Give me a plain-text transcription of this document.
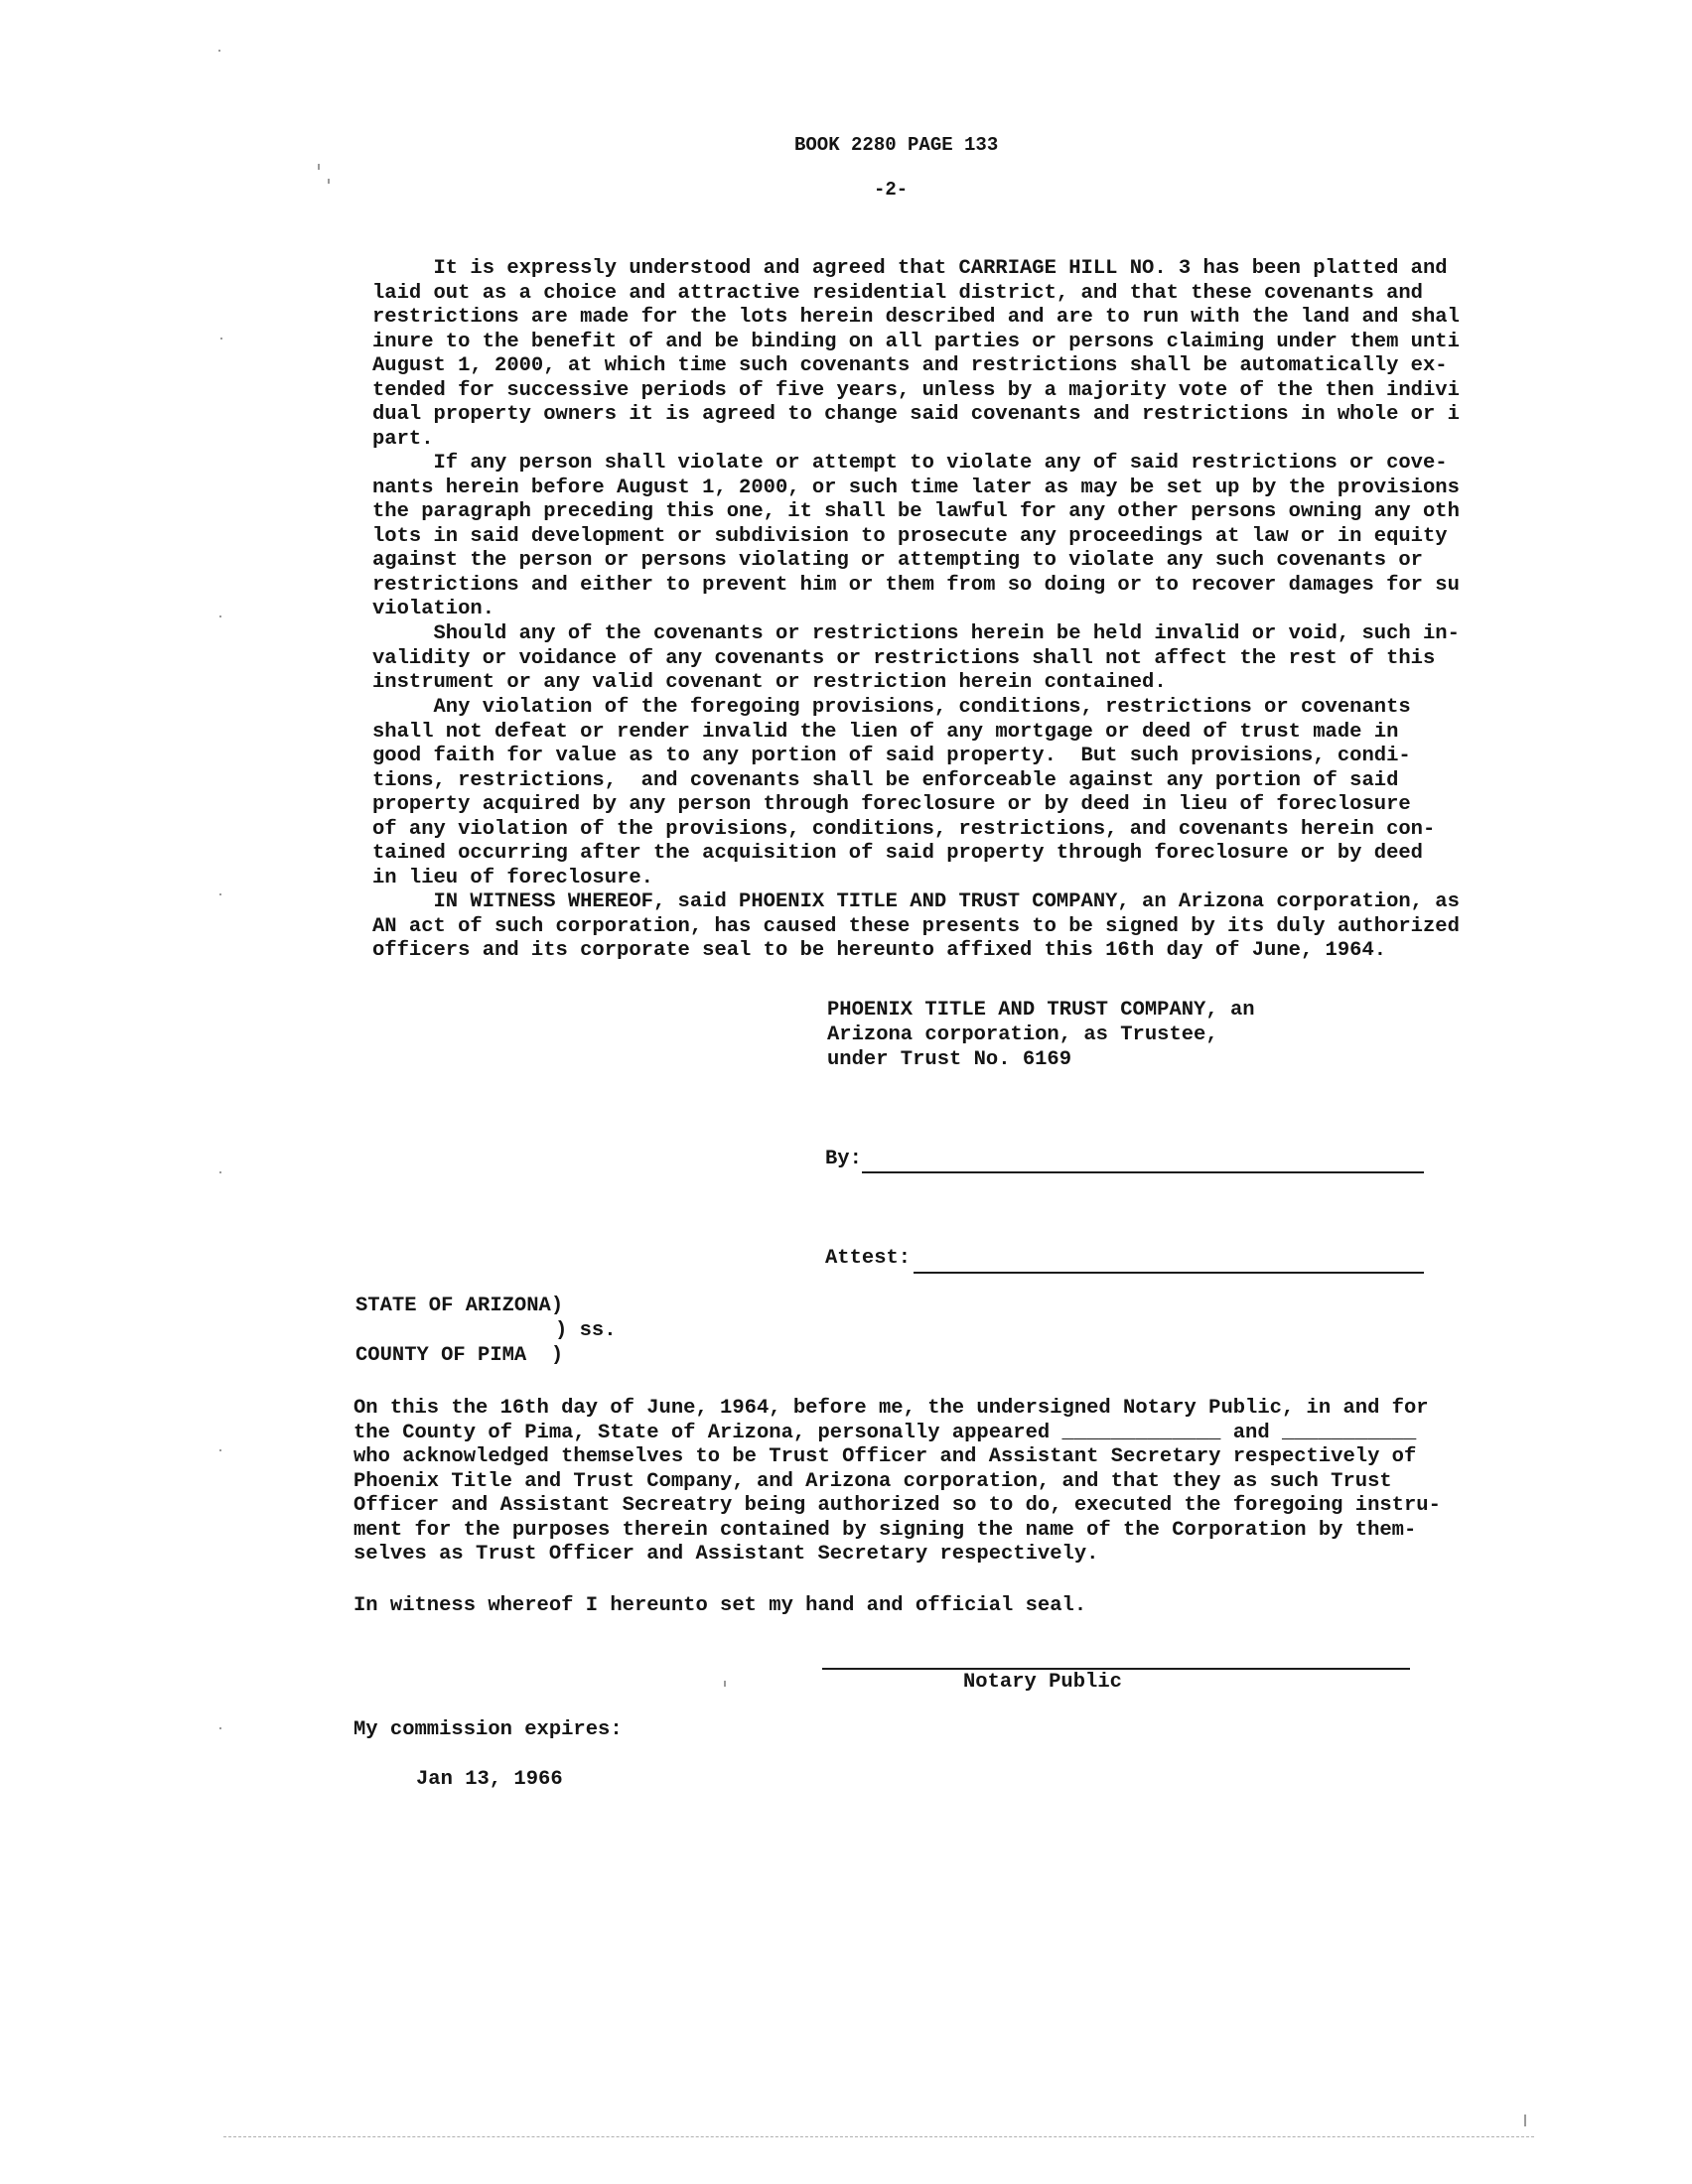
BOOK 2280 PAGE 133
-2-
It is expressly understood and agreed that CARRIAGE HILL NO. 3 has been platted and
laid out as a choice and attractive residential district, and that these covenants and
restrictions are made for the lots herein described and are to run with the land and shal
inure to the benefit of and be binding on all parties or persons claiming under them unti
August 1, 2000, at which time such covenants and restrictions shall be automatically ex-
tended for successive periods of five years, unless by a majority vote of the then indivi
dual property owners it is agreed to change said covenants and restrictions in whole or i
part.
If any person shall violate or attempt to violate any of said restrictions or cove-
nants herein before August 1, 2000, or such time later as may be set up by the provisions
the paragraph preceding this one, it shall be lawful for any other persons owning any oth
lots in said development or subdivision to prosecute any proceedings at law or in equity
against the person or persons violating or attempting to violate any such covenants or
restrictions and either to prevent him or them from so doing or to recover damages for su
violation.
Should any of the covenants or restrictions herein be held invalid or void, such in-
validity or voidance of any covenants or restrictions shall not affect the rest of this
instrument or any valid covenant or restriction herein contained.
Any violation of the foregoing provisions, conditions, restrictions or covenants
shall not defeat or render invalid the lien of any mortgage or deed of trust made in
good faith for value as to any portion of said property.  But such provisions, condi-
tions, restrictions,  and covenants shall be enforceable against any portion of said
property acquired by any person through foreclosure or by deed in lieu of foreclosure
of any violation of the provisions, conditions, restrictions, and covenants herein con-
tained occurring after the acquisition of said property through foreclosure or by deed
in lieu of foreclosure.
IN WITNESS WHEREOF, said PHOENIX TITLE AND TRUST COMPANY, an Arizona corporation, as
AN act of such corporation, has caused these presents to be signed by its duly authorized
officers and its corporate seal to be hereunto affixed this 16th day of June, 1964.
PHOENIX TITLE AND TRUST COMPANY, an
Arizona corporation, as Trustee,
under Trust No. 6169
By:
Attest:
STATE OF ARIZONA)
) ss.
COUNTY OF PIMA  )
On this the 16th day of June, 1964, before me, the undersigned Notary Public, in and for
the County of Pima, State of Arizona, personally appeared _____________ and ___________
who acknowledged themselves to be Trust Officer and Assistant Secretary respectively of
Phoenix Title and Trust Company, and Arizona corporation, and that they as such Trust
Officer and Assistant Secreatry being authorized so to do, executed the foregoing instru-
ment for the purposes therein contained by signing the name of the Corporation by them-
selves as Trust Officer and Assistant Secretary respectively.
In witness whereof I hereunto set my hand and official seal.
Notary Public
My commission expires:
Jan 13, 1966
